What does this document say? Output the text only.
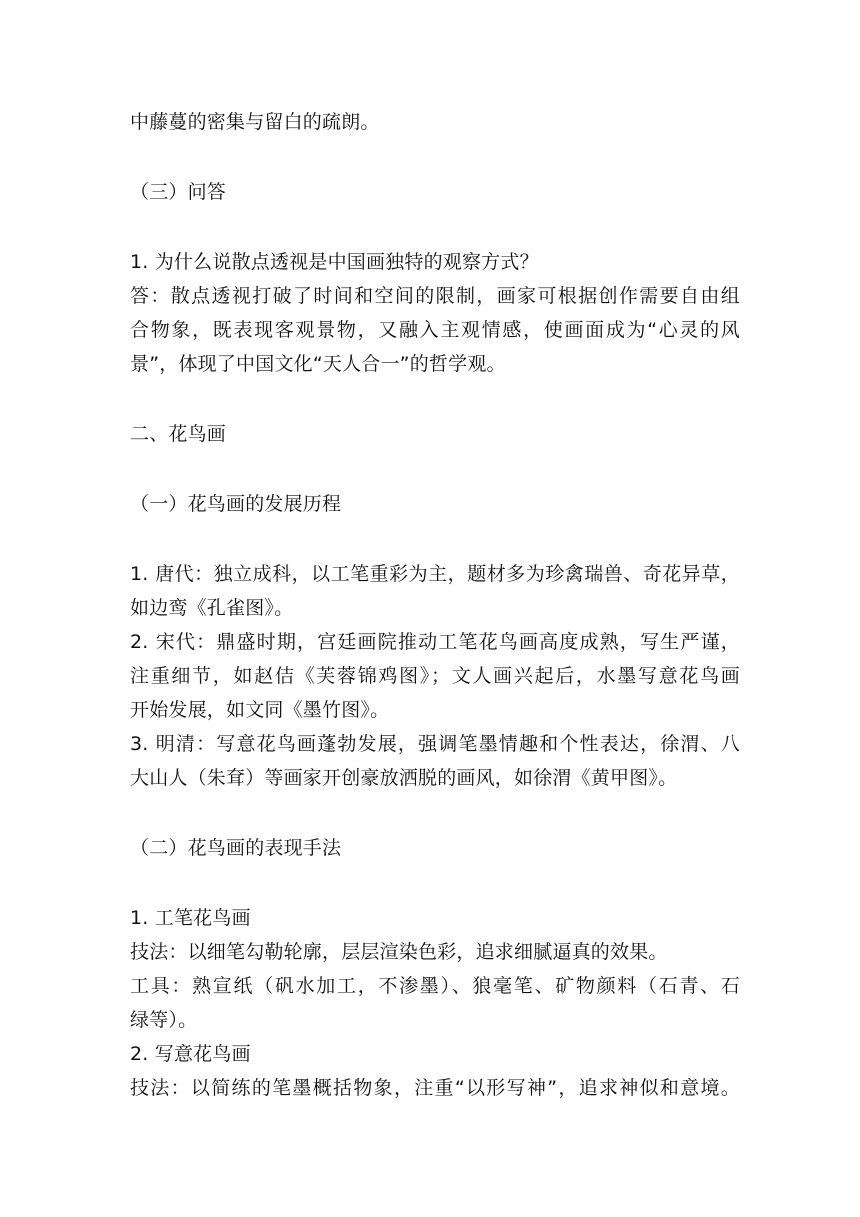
中藤蔓的密集与留白的疏朗。
（三）问答
1. 为什么说散点透视是中国画独特的观察方式？
答：散点透视打破了时间和空间的限制，画家可根据创作需要自由组
合物象，既表现客观景物，又融入主观情感，使画面成为“心灵的风
景”，体现了中国文化“天人合一”的哲学观。
二、花鸟画
（一）花鸟画的发展历程
1. 唐代：独立成科，以工笔重彩为主，题材多为珍禽瑞兽、奇花异草，
如边鸾《孔雀图》。
2. 宋代：鼎盛时期，宫廷画院推动工笔花鸟画高度成熟，写生严谨，
注重细节，如赵佶《芙蓉锦鸡图》；文人画兴起后，水墨写意花鸟画
开始发展，如文同《墨竹图》。
3. 明清：写意花鸟画蓬勃发展，强调笔墨情趣和个性表达，徐渭、八
大山人（朱耷）等画家开创豪放洒脱的画风，如徐渭《黄甲图》。
（二）花鸟画的表现手法
1. 工笔花鸟画
技法：以细笔勾勒轮廓，层层渲染色彩，追求细腻逼真的效果。
工具：熟宣纸（矾水加工，不渗墨）、狼毫笔、矿物颜料（石青、石
绿等）。
2. 写意花鸟画
技法：以简练的笔墨概括物象，注重“以形写神”，追求神似和意境。
